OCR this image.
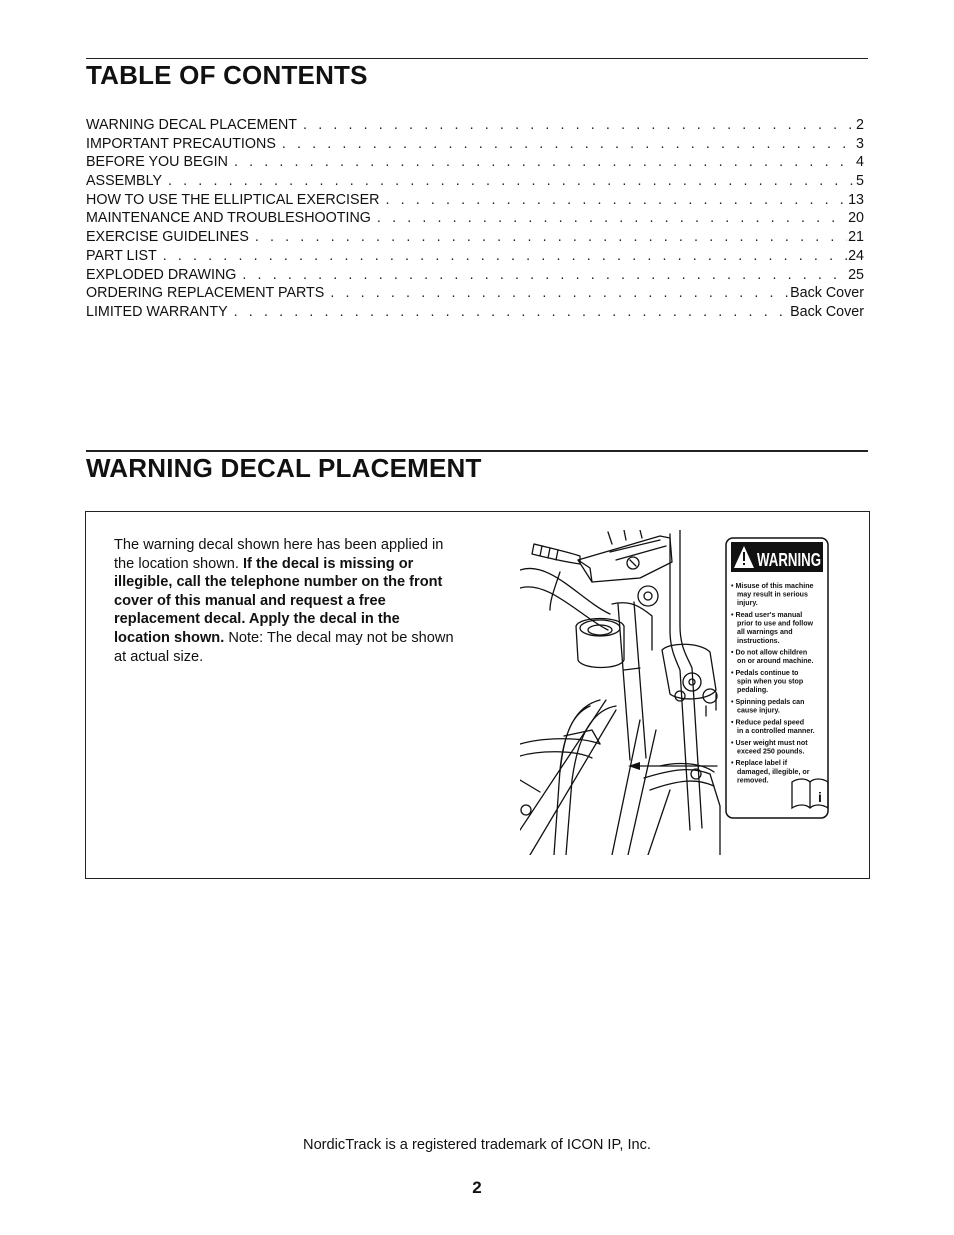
TABLE OF CONTENTS
WARNING DECAL PLACEMENT . . .	2
IMPORTANT PRECAUTIONS . . .	3
BEFORE YOU BEGIN . . .	4
ASSEMBLY . . .	5
HOW TO USE THE ELLIPTICAL EXERCISER . . .	13
MAINTENANCE AND TROUBLESHOOTING . . .	20
EXERCISE GUIDELINES . . .	21
PART LIST . . .	24
EXPLODED DRAWING . . .	25
ORDERING REPLACEMENT PARTS . . .	Back Cover
LIMITED WARRANTY . . .	Back Cover
WARNING DECAL PLACEMENT

The warning decal shown here has been applied in the location shown. If the decal is missing or illegible, call the telephone number on the front cover of this manual and request a free replacement decal. Apply the decal in the location shown. Note: The decal may not be shown at actual size.

WARNING
• Misuse of this machine
may result in serious
injury.
• Read user's manual
prior to use and follow
all warnings and
instructions.
• Do not allow children
on or around machine.
• Pedals continue to
spin when you stop
pedaling.
• Spinning pedals can
cause injury.
• Reduce pedal speed
in a controlled manner.
• User weight must not
exceed 250 pounds.
• Replace label if
damaged, illegible, or
removed.
i
NordicTrack is a registered trademark of ICON IP, Inc.
2
